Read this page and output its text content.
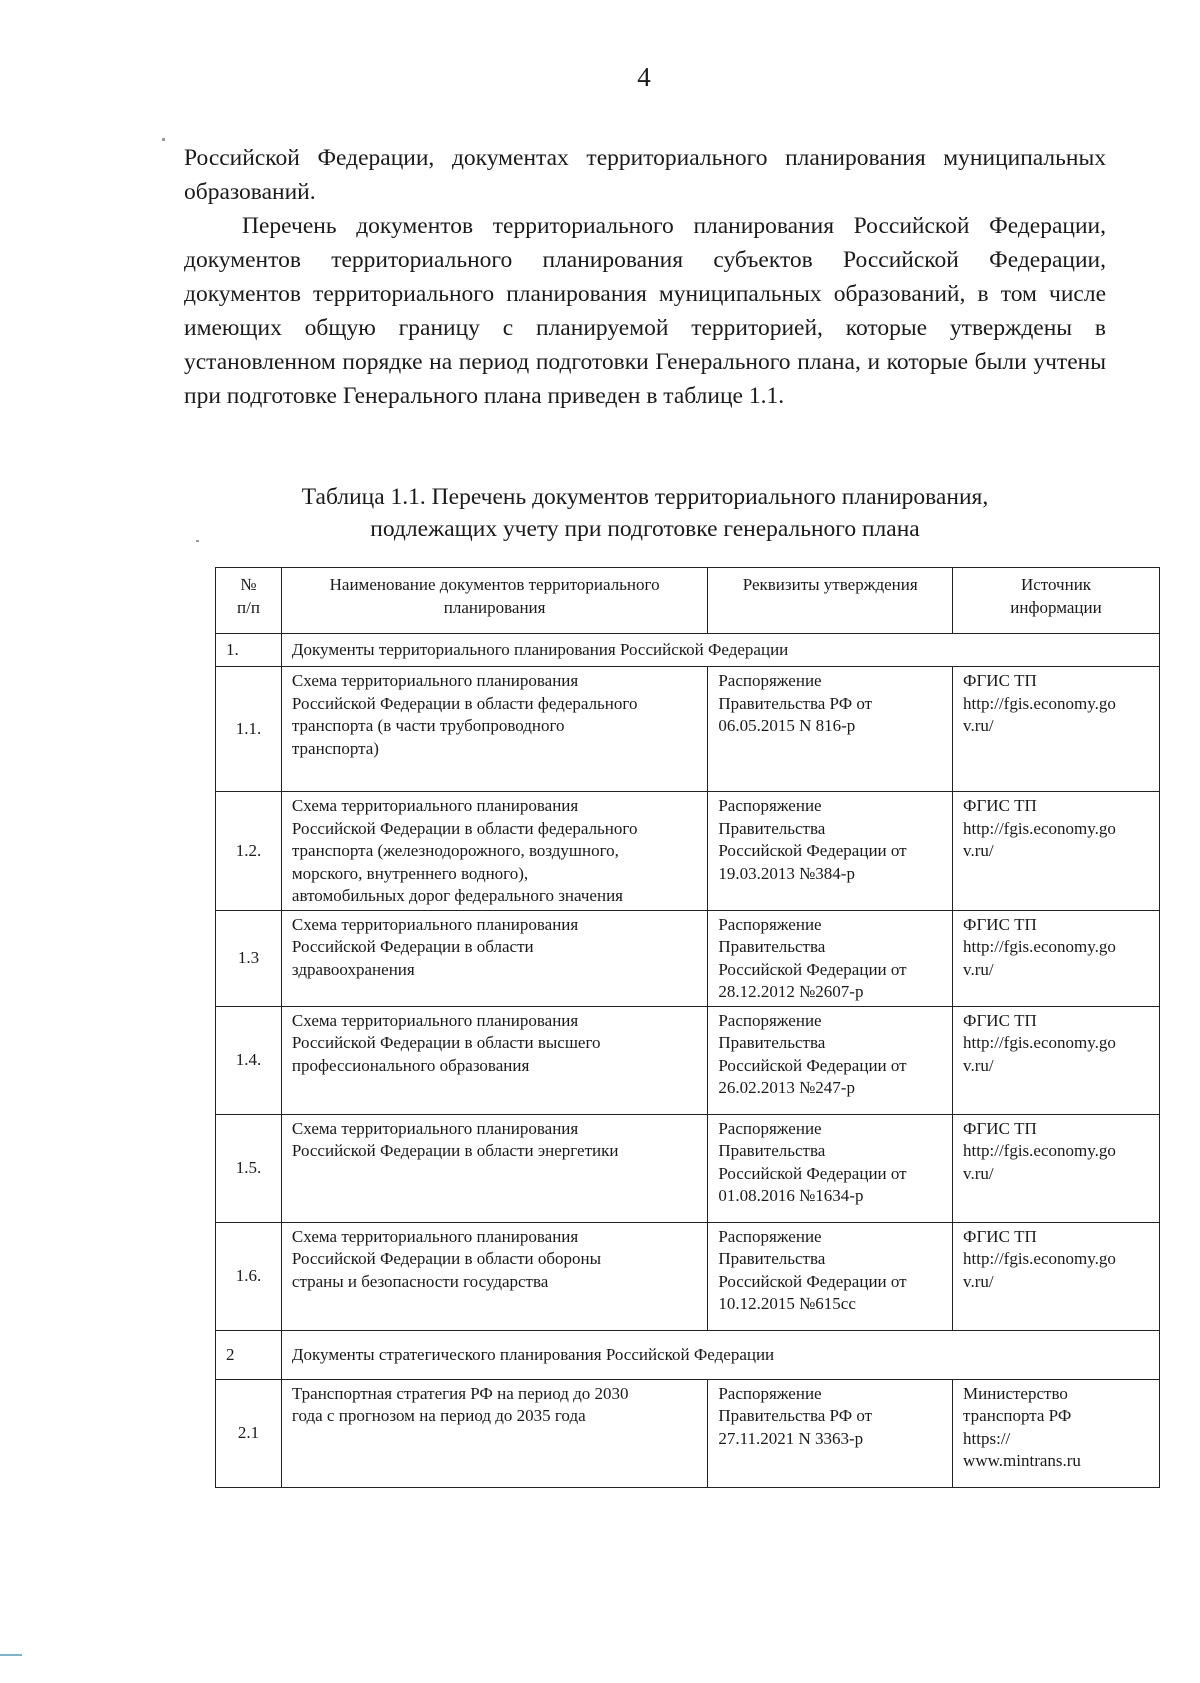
4
Российской Федерации, документах территориального планирования муниципальных образований.
Перечень документов территориального планирования Российской Федерации, документов территориального планирования субъектов Российской Федерации, документов территориального планирования муниципальных образований, в том числе имеющих общую границу с планируемой территорией, которые утверждены в установленном порядке на период подготовки Генерального плана, и которые были учтены при подготовке Генерального плана приведен в таблице 1.1.
Таблица 1.1. Перечень документов территориального планирования,
подлежащих учету при подготовке генерального плана
№
п/п	Наименование документов территориального
планирования	Реквизиты утверждения	Источник
информации
1.	Документы территориального планирования Российской Федерации		
1.1.	Схема территориального планирования
Российской Федерации в области федерального
транспорта (в части трубопроводного
транспорта)	Распоряжение
Правительства РФ от
06.05.2015 N 816-р	ФГИС ТП
http://fgis.economy.go
v.ru/
1.2.	Схема территориального планирования
Российской Федерации в области федерального
транспорта (железнодорожного, воздушного,
морского, внутреннего водного),
автомобильных дорог федерального значения	Распоряжение
Правительства
Российской Федерации от
19.03.2013 №384-р	ФГИС ТП
http://fgis.economy.go
v.ru/
1.3	Схема территориального планирования
Российской Федерации в области
здравоохранения	Распоряжение
Правительства
Российской Федерации от
28.12.2012 №2607-р	ФГИС ТП
http://fgis.economy.go
v.ru/
1.4.	Схема территориального планирования
Российской Федерации в области высшего
профессионального образования	Распоряжение
Правительства
Российской Федерации от
26.02.2013 №247-р	ФГИС ТП
http://fgis.economy.go
v.ru/
1.5.	Схема территориального планирования
Российской Федерации в области энергетики	Распоряжение
Правительства
Российской Федерации от
01.08.2016 №1634-р	ФГИС ТП
http://fgis.economy.go
v.ru/
1.6.	Схема территориального планирования
Российской Федерации в области обороны
страны и безопасности государства	Распоряжение
Правительства
Российской Федерации от
10.12.2015 №615сс	ФГИС ТП
http://fgis.economy.go
v.ru/
2	Документы стратегического планирования Российской Федерации		
2.1	Транспортная стратегия РФ на период до 2030
года с прогнозом на период до 2035 года	Распоряжение
Правительства РФ от
27.11.2021 N 3363-р	Министерство
транспорта РФ
https://
www.mintrans.ru
